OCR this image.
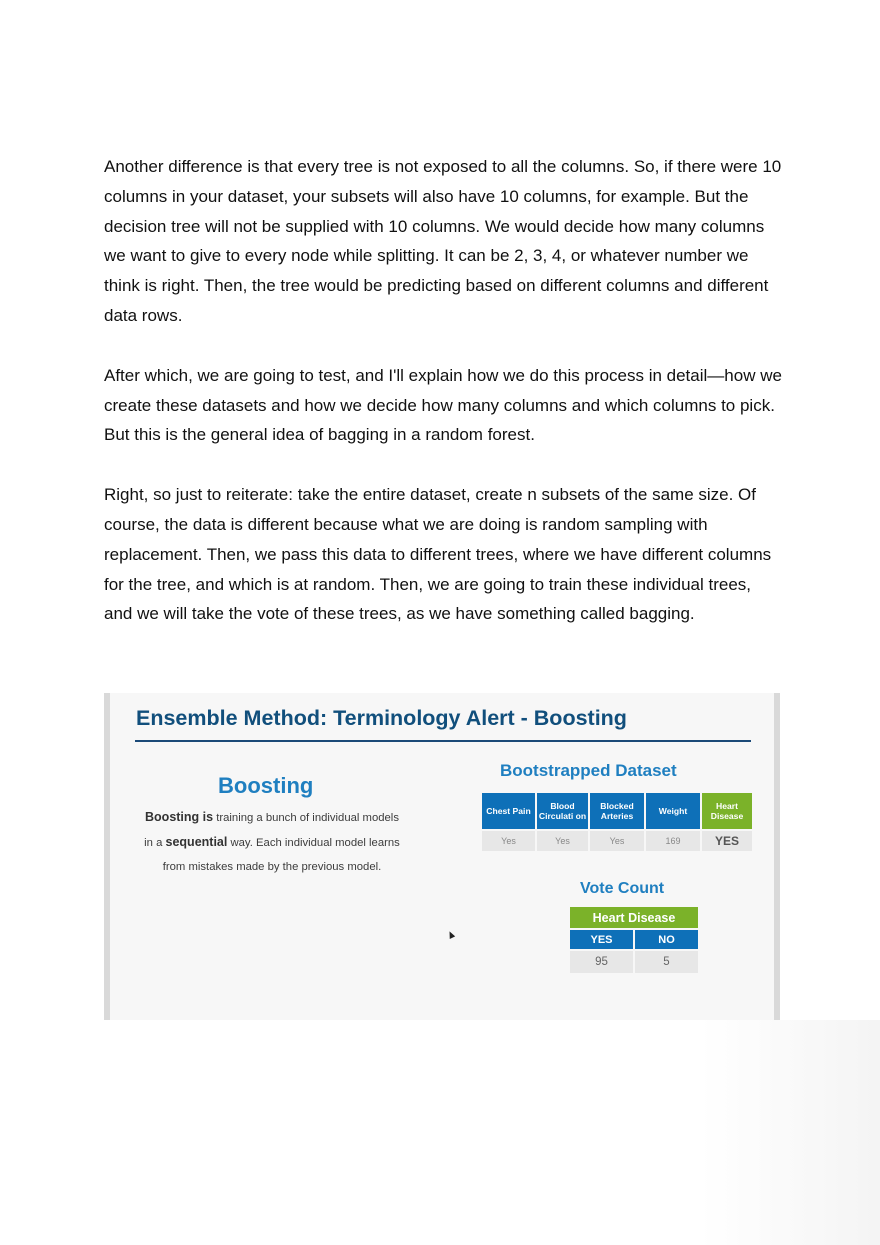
Another difference is that every tree is not exposed to all the columns. So, if there were 10 columns in your dataset, your subsets will also have 10 columns, for example. But the decision tree will not be supplied with 10 columns. We would decide how many columns we want to give to every node while splitting. It can be 2, 3, 4, or whatever number we think is right. Then, the tree would be predicting based on different columns and different data rows.

After which, we are going to test, and I'll explain how we do this process in detail—how we create these datasets and how we decide how many columns and which columns to pick. But this is the general idea of bagging in a random forest.

Right, so just to reiterate: take the entire dataset, create n subsets of the same size. Of course, the data is different because what we are doing is random sampling with replacement. Then, we pass this data to different trees, where we have different columns for the tree, and which is at random. Then, we are going to train these individual trees, and we will take the vote of these trees, as we have something called bagging.

Ensemble Method: Terminology Alert - Boosting
Boosting

Boosting is training a bunch of individual models in a sequential way. Each individual model learns from mistakes made by the previous model.

Bootstrapped Dataset
Chest Pain	Blood Circulati on	Blocked Arteries	Weight	Heart Disease
Yes	Yes	Yes	169	YES
Vote Count
Heart Disease	
YES	NO
95	5
